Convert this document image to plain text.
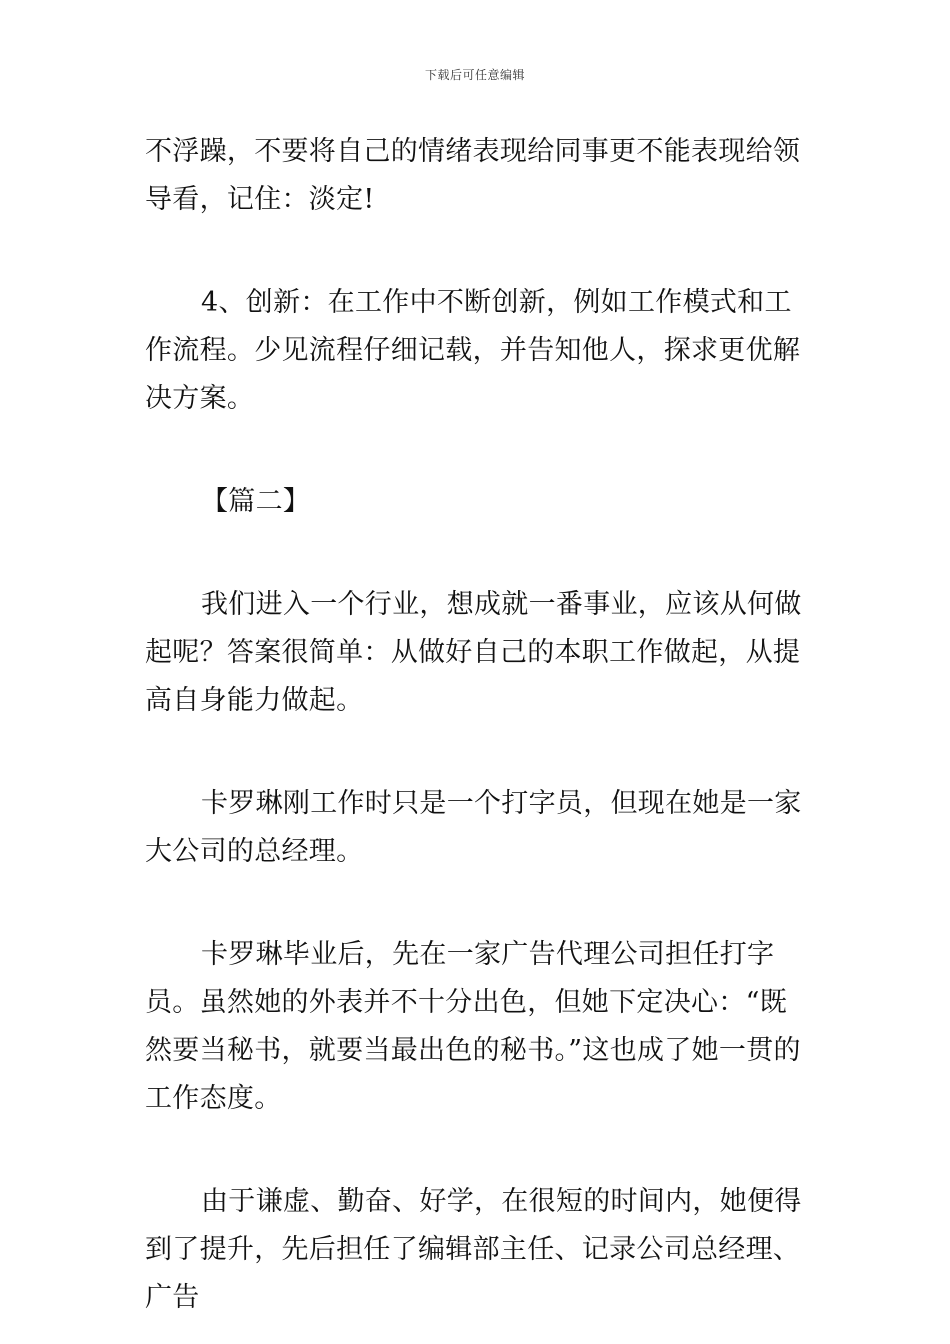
下载后可任意编辑

不浮躁，不要将自己的情绪表现给同事更不能表现给领导看，记住：淡定!

4、创新：在工作中不断创新，例如工作模式和工作流程。少见流程仔细记载，并告知他人，探求更优解决方案。

【篇二】

我们进入一个行业，想成就一番事业，应该从何做起呢？答案很简单：从做好自己的本职工作做起，从提高自身能力做起。

卡罗琳刚工作时只是一个打字员，但现在她是一家大公司的总经理。

卡罗琳毕业后，先在一家广告代理公司担任打字员。虽然她的外表并不十分出色，但她下定决心：“既然要当秘书，就要当最出色的秘书。”这也成了她一贯的工作态度。

由于谦虚、勤奋、好学，在很短的时间内，她便得到了提升，先后担任了编辑部主任、记录公司总经理、广告
